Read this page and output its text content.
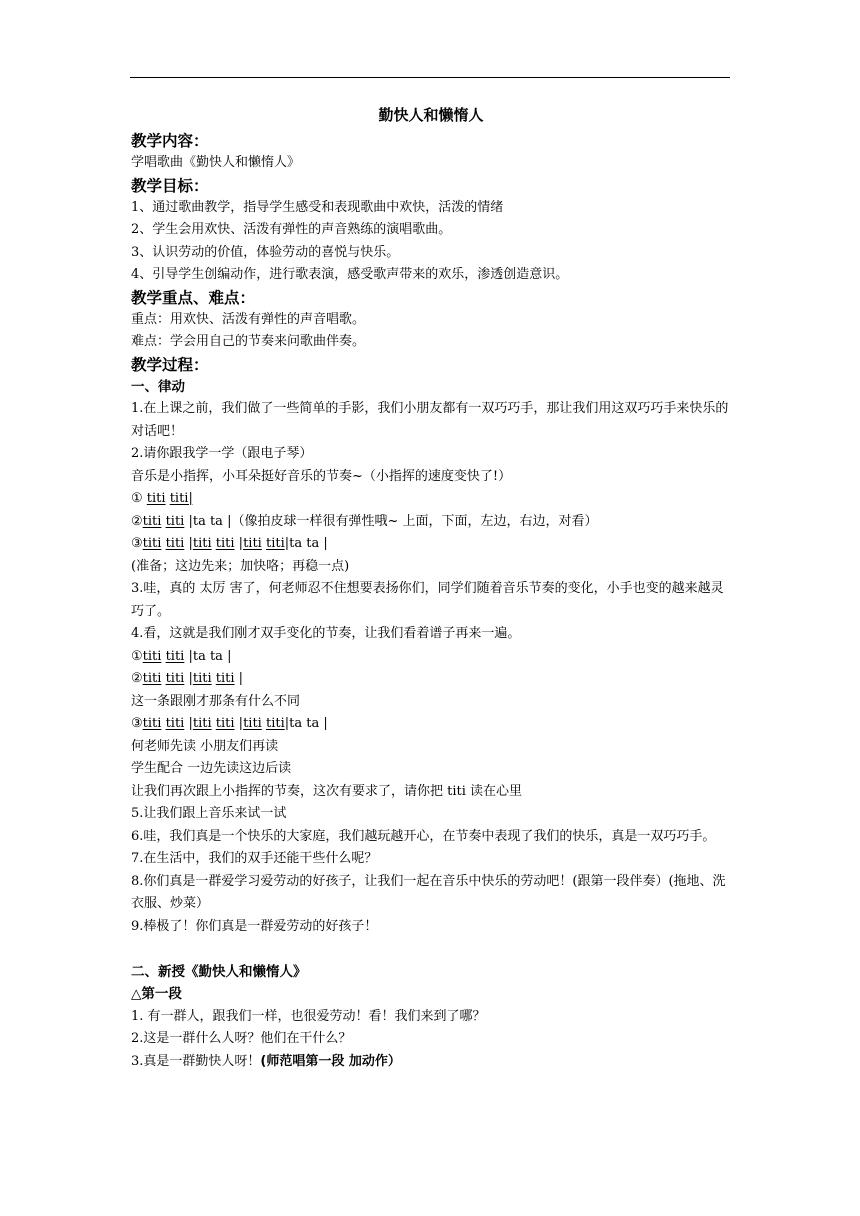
勤快人和懒惰人
教学内容：
学唱歌曲《勤快人和懒惰人》
教学目标：
1、通过歌曲教学，指导学生感受和表现歌曲中欢快，活泼的情绪
2、学生会用欢快、活泼有弹性的声音熟练的演唱歌曲。
3、认识劳动的价值，体验劳动的喜悦与快乐。
4、引导学生创编动作，进行歌表演，感受歌声带来的欢乐，渗透创造意识。
教学重点、难点：
重点：用欢快、活泼有弹性的声音唱歌。
难点：学会用自己的节奏来问歌曲伴奏。
教学过程：
一、律动
1.在上课之前，我们做了一些简单的手影，我们小朋友都有一双巧巧手，那让我们用这双巧巧手来快乐的对话吧！
2.请你跟我学一学（跟电子琴）
音乐是小指挥，小耳朵挺好音乐的节奏~（小指挥的速度变快了!）
① titi titi|
②titi titi |ta ta |（像拍皮球一样很有弹性哦~ 上面，下面，左边，右边，对看）
③titi titi |titi titi |titi titi|ta ta |
(准备；这边先来；加快咯；再稳一点)
3.哇，真的 太厉 害了，何老师忍不住想要表扬你们，同学们随着音乐节奏的变化，小手也变的越来越灵巧了。
4.看，这就是我们刚才双手变化的节奏，让我们看着谱子再来一遍。
①titi titi |ta ta |
②titi titi |titi titi |
这一条跟刚才那条有什么不同
③titi titi |titi titi |titi titi|ta ta |
何老师先读 小朋友们再读
学生配合 一边先读这边后读
让我们再次跟上小指挥的节奏，这次有要求了，请你把 titi 读在心里
5.让我们跟上音乐来试一试
6.哇，我们真是一个快乐的大家庭，我们越玩越开心，在节奏中表现了我们的快乐，真是一双巧巧手。
7.在生活中，我们的双手还能干些什么呢？
8.你们真是一群爱学习爱劳动的好孩子，让我们一起在音乐中快乐的劳动吧！(跟第一段伴奏）(拖地、洗衣服、炒菜）
9.棒极了！你们真是一群爱劳动的好孩子！
二、新授《勤快人和懒惰人》
△第一段
1. 有一群人，跟我们一样，也很爱劳动！看！我们来到了哪？
2.这是一群什么人呀？他们在干什么？
3.真是一群勤快人呀！(师范唱第一段 加动作）
